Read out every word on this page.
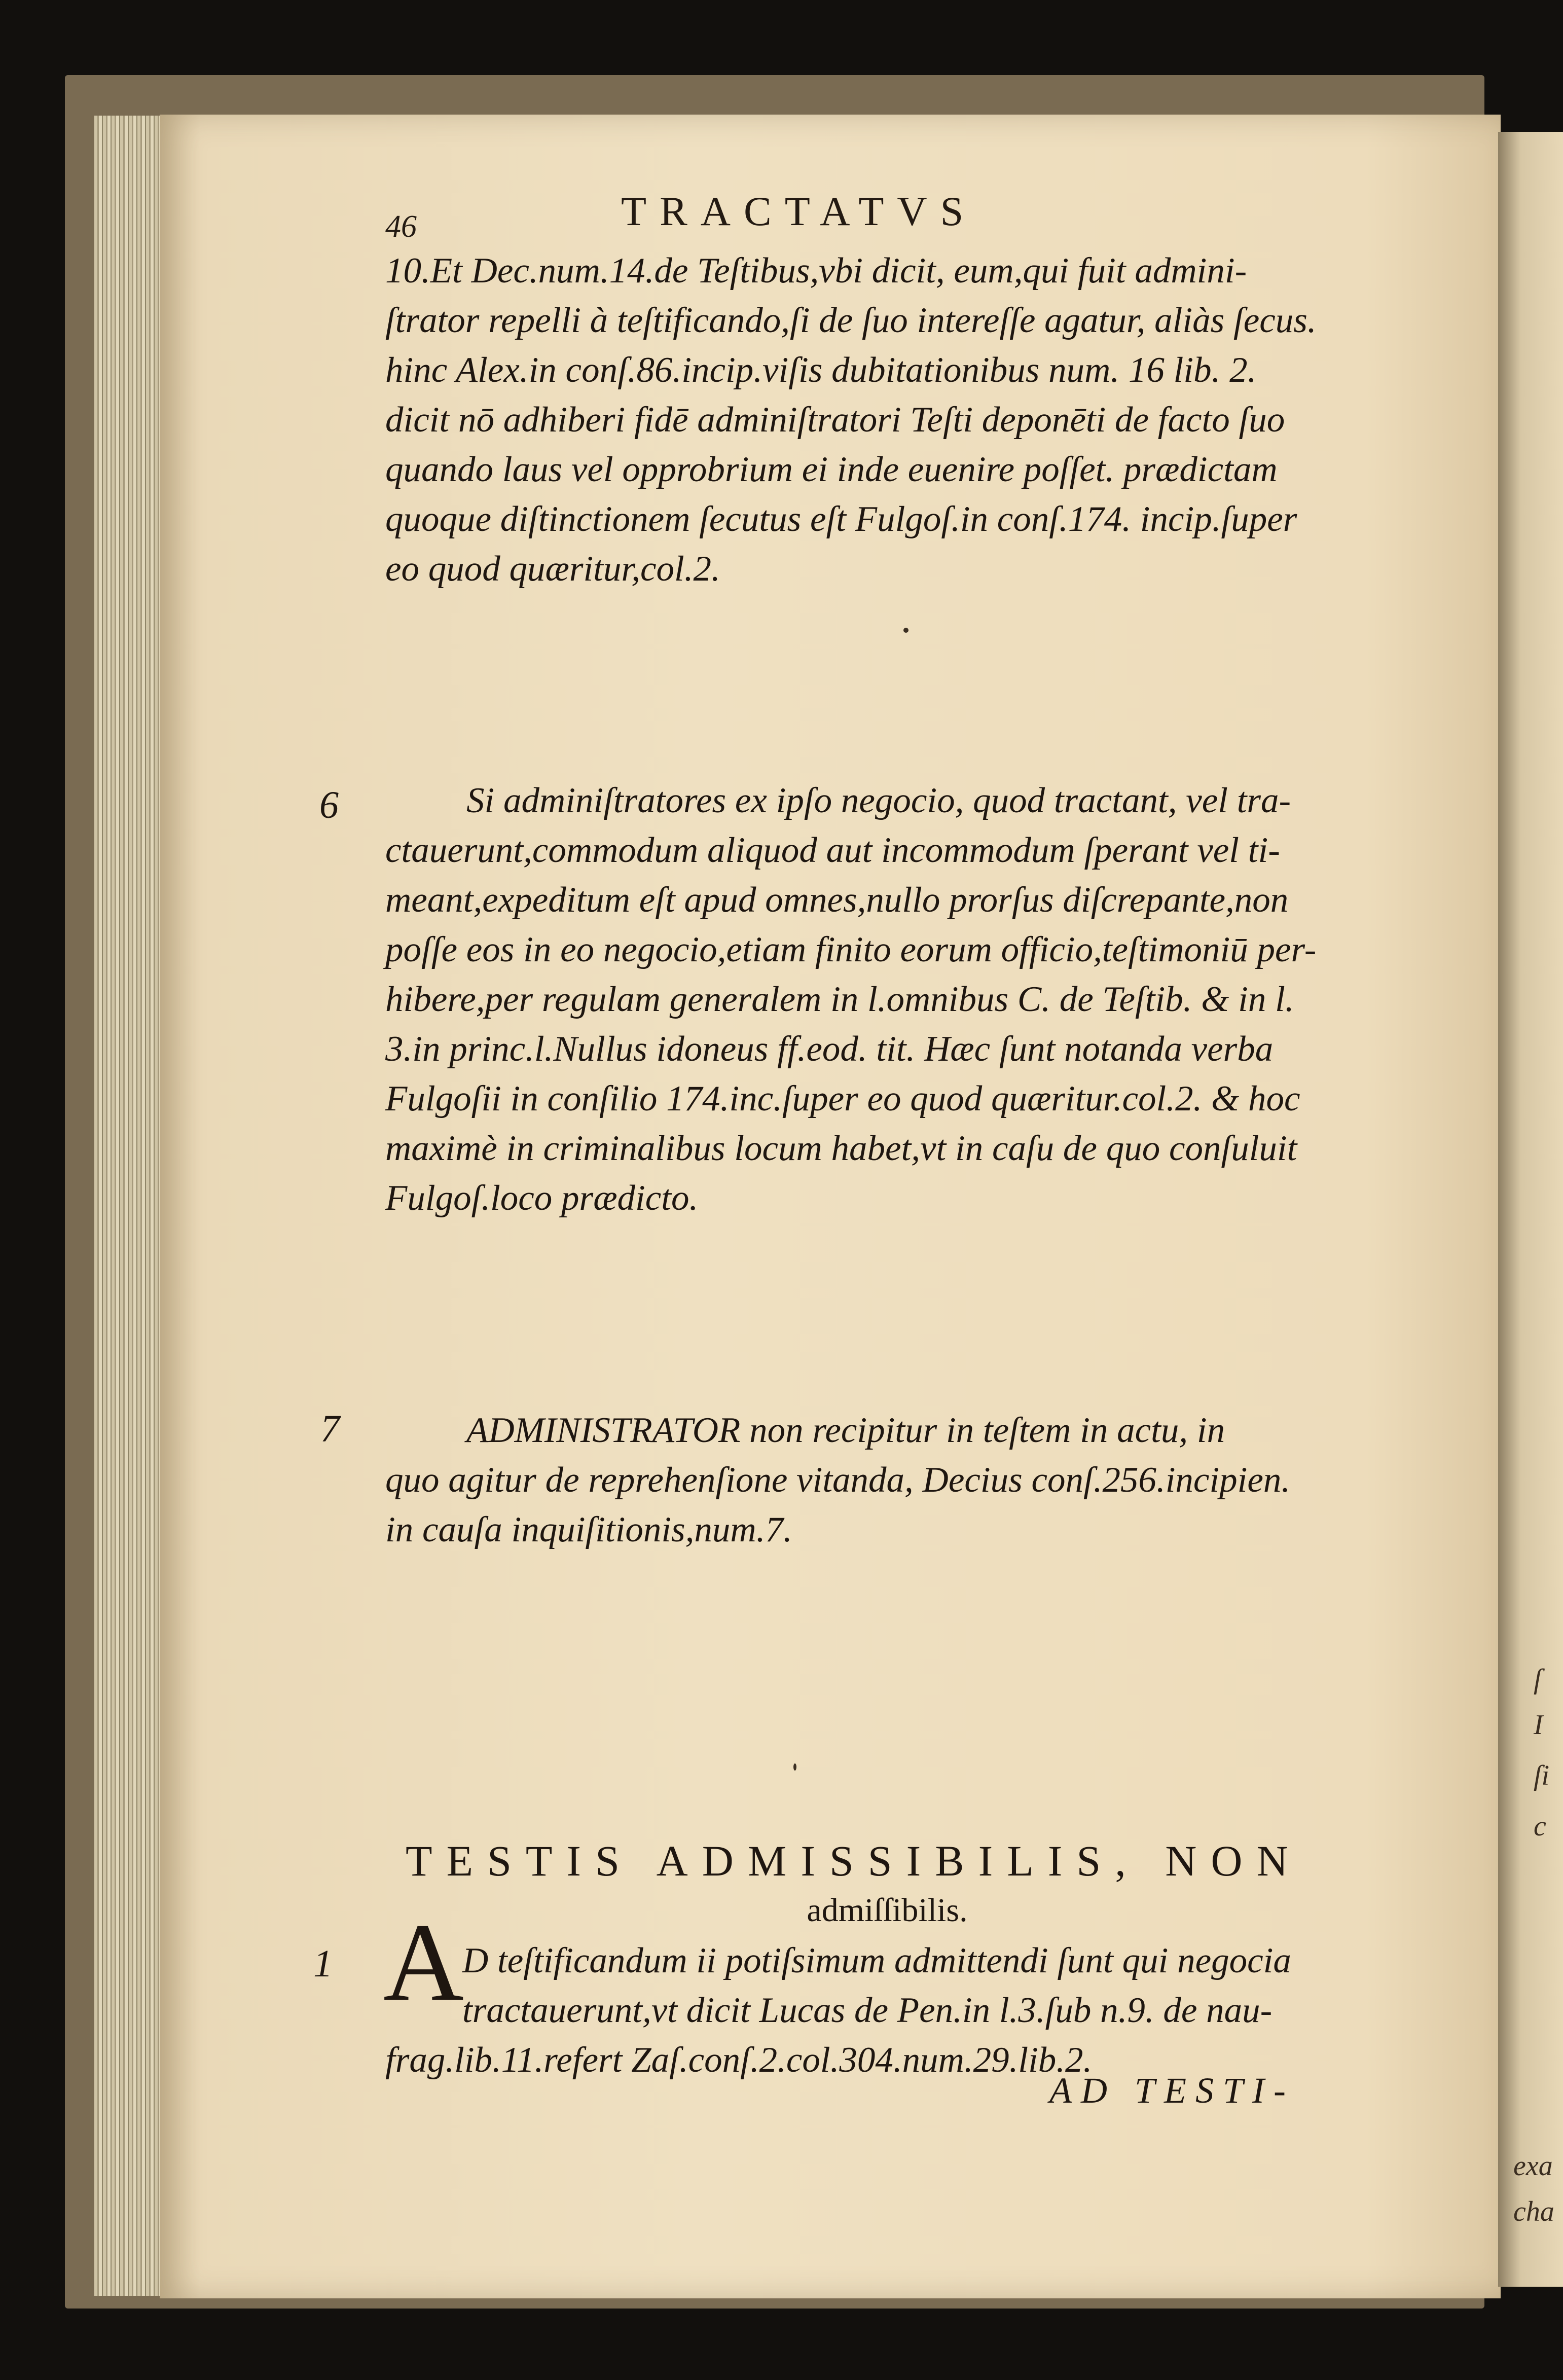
ſ
I
ſi
c
exa
cha
46	TRACTATVS
10.Et Dec.num.14.de Teſtibus,vbi dicit, eum,qui fuit admini-
ſtrator repelli à teſtificando,ſi de ſuo intereſſe agatur, aliàs ſecus.
hinc Alex.in conſ.86.incip.viſis dubitationibus num. 16 lib. 2.
dicit nō adhiberi fidē adminiſtratori Teſti deponēti de facto ſuo
quando laus vel opprobrium ei inde euenire poſſet. prædictam
quoque diſtinctionem ſecutus eſt Fulgoſ.in conſ.174. incip.ſuper
eo quod quæritur,col.2.
6	Si adminiſtratores ex ipſo negocio, quod tractant, vel tra-
ctauerunt,commodum aliquod aut incommodum ſperant vel ti-
meant,expeditum eſt apud omnes,nullo prorſus diſcrepante,non
poſſe eos in eo negocio,etiam finito eorum officio,teſtimoniū per-
hibere,per regulam generalem in l.omnibus C. de Teſtib. & in l.
3.in princ.l.Nullus idoneus ff.eod. tit. Hæc ſunt notanda verba
Fulgoſii in conſilio 174.inc.ſuper eo quod quæritur.col.2. & hoc
maximè in criminalibus locum habet,vt in caſu de quo conſuluit
Fulgoſ.loco prædicto.
7	ADMINISTRATOR non recipitur in teſtem in actu, in
quo agitur de reprehenſione vitanda, Decius conſ.256.incipien.
in cauſa inquiſitionis,num.7.
TESTIS ADMISSIBILIS, NON
admiſſibilis.
1 A
D teſtificandum ii potiſsimum admittendi ſunt qui negocia
tractauerunt,vt dicit Lucas de Pen.in l.3.ſub n.9. de nau-
frag.lib.11.refert Zaſ.conſ.2.col.304.num.29.lib.2.
AD TESTI-
